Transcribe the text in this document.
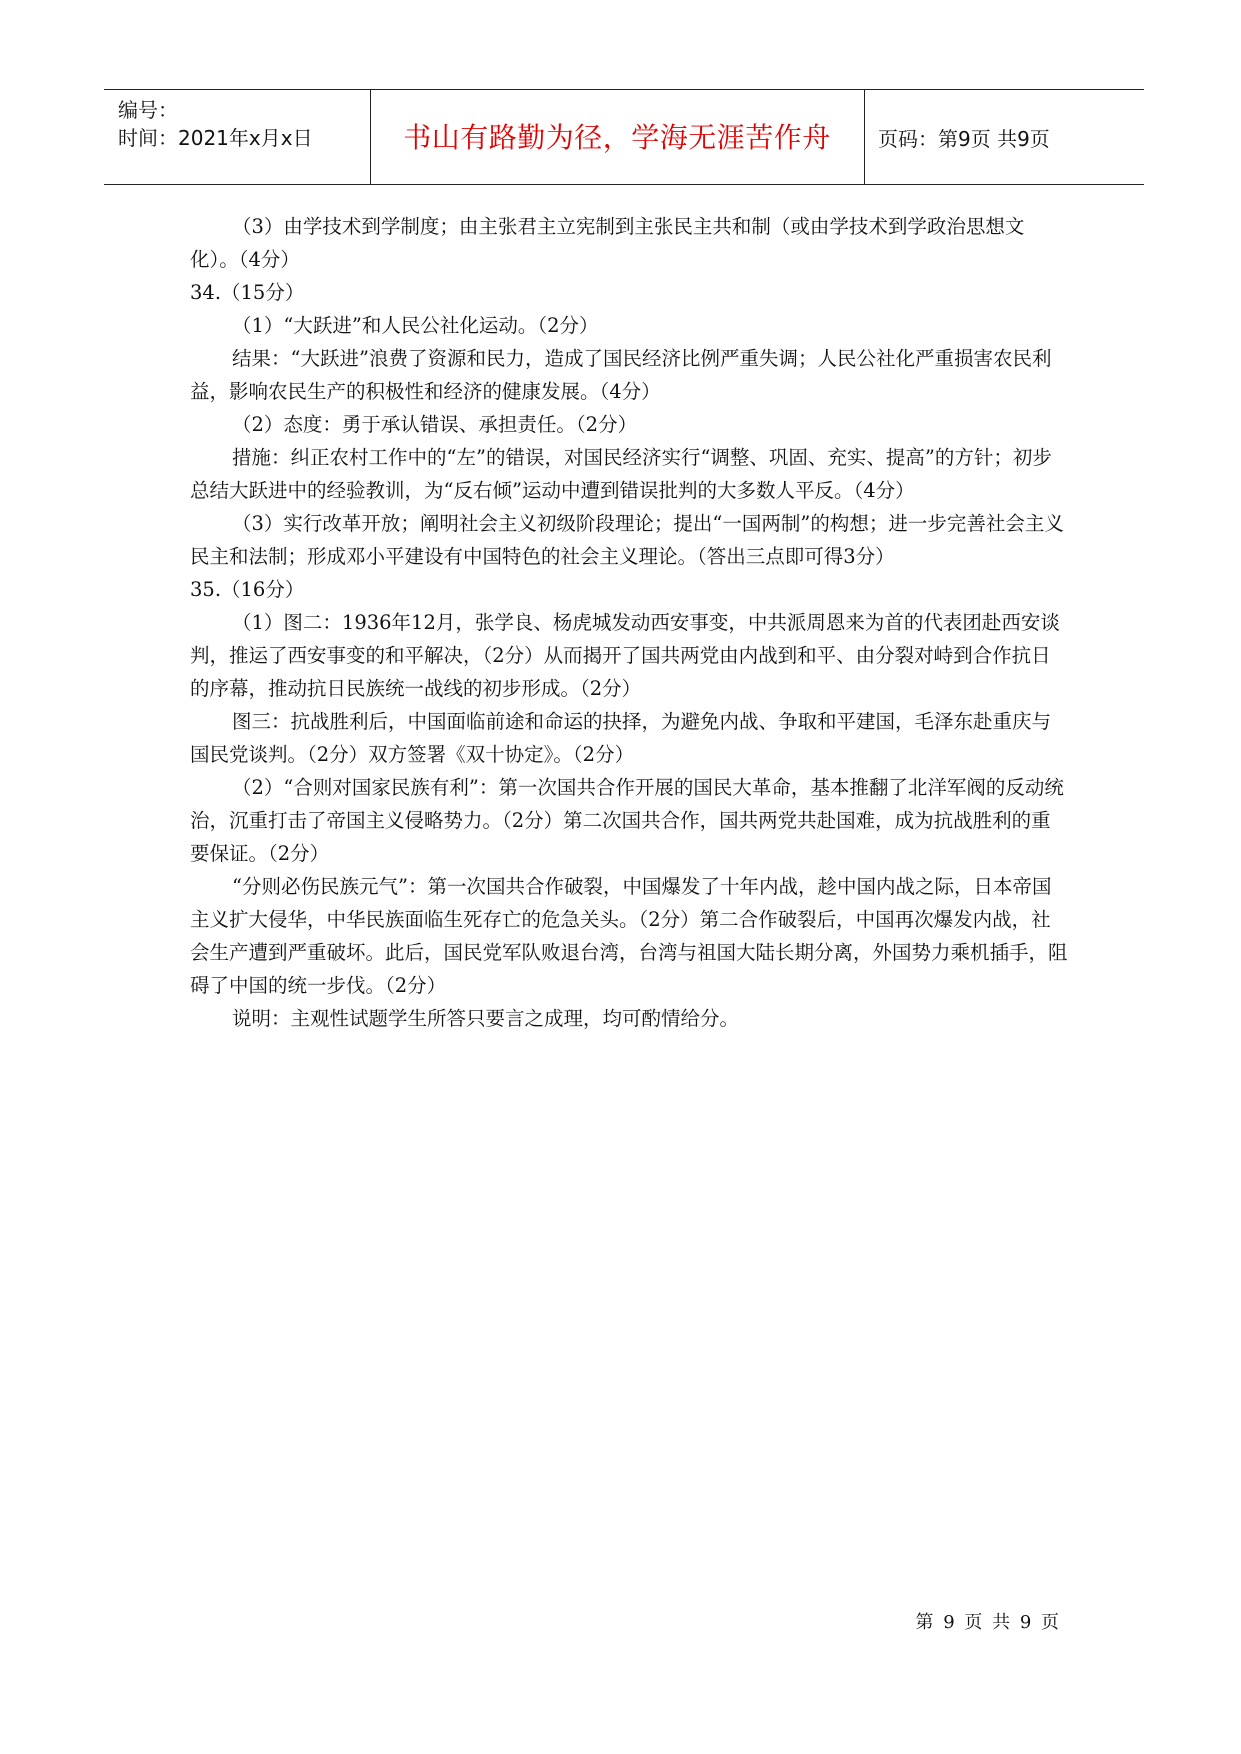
编号：
时间：2021年x月x日	书山有路勤为径，学海无涯苦作舟	页码：第9页 共9页

（3）由学技术到学制度；由主张君主立宪制到主张民主共和制（或由学技术到学政治思想文化）。（4分）

34.（15分）

（1）“大跃进”和人民公社化运动。（2分）

结果：“大跃进”浪费了资源和民力，造成了国民经济比例严重失调；人民公社化严重损害农民利益，影响农民生产的积极性和经济的健康发展。（4分）

（2）态度：勇于承认错误、承担责任。（2分）

措施：纠正农村工作中的“左”的错误，对国民经济实行“调整、巩固、充实、提高”的方针；初步总结大跃进中的经验教训，为“反右倾”运动中遭到错误批判的大多数人平反。（4分）

（3）实行改革开放；阐明社会主义初级阶段理论；提出“一国两制”的构想；进一步完善社会主义民主和法制；形成邓小平建设有中国特色的社会主义理论。（答出三点即可得3分）

35.（16分）

（1）图二：1936年12月，张学良、杨虎城发动西安事变，中共派周恩来为首的代表团赴西安谈判，推运了西安事变的和平解决，（2分）从而揭开了国共两党由内战到和平、由分裂对峙到合作抗日的序幕，推动抗日民族统一战线的初步形成。（2分）

图三：抗战胜利后，中国面临前途和命运的抉择，为避免内战、争取和平建国，毛泽东赴重庆与国民党谈判。（2分）双方签署《双十协定》。（2分）

（2）“合则对国家民族有利”：第一次国共合作开展的国民大革命，基本推翻了北洋军阀的反动统治，沉重打击了帝国主义侵略势力。（2分）第二次国共合作，国共两党共赴国难，成为抗战胜利的重要保证。（2分）

“分则必伤民族元气”：第一次国共合作破裂，中国爆发了十年内战，趁中国内战之际，日本帝国主义扩大侵华，中华民族面临生死存亡的危急关头。（2分）第二合作破裂后，中国再次爆发内战，社会生产遭到严重破坏。此后，国民党军队败退台湾，台湾与祖国大陆长期分离，外国势力乘机插手，阻碍了中国的统一步伐。（2分）

说明：主观性试题学生所答只要言之成理，均可酌情给分。

第 9 页 共 9 页
